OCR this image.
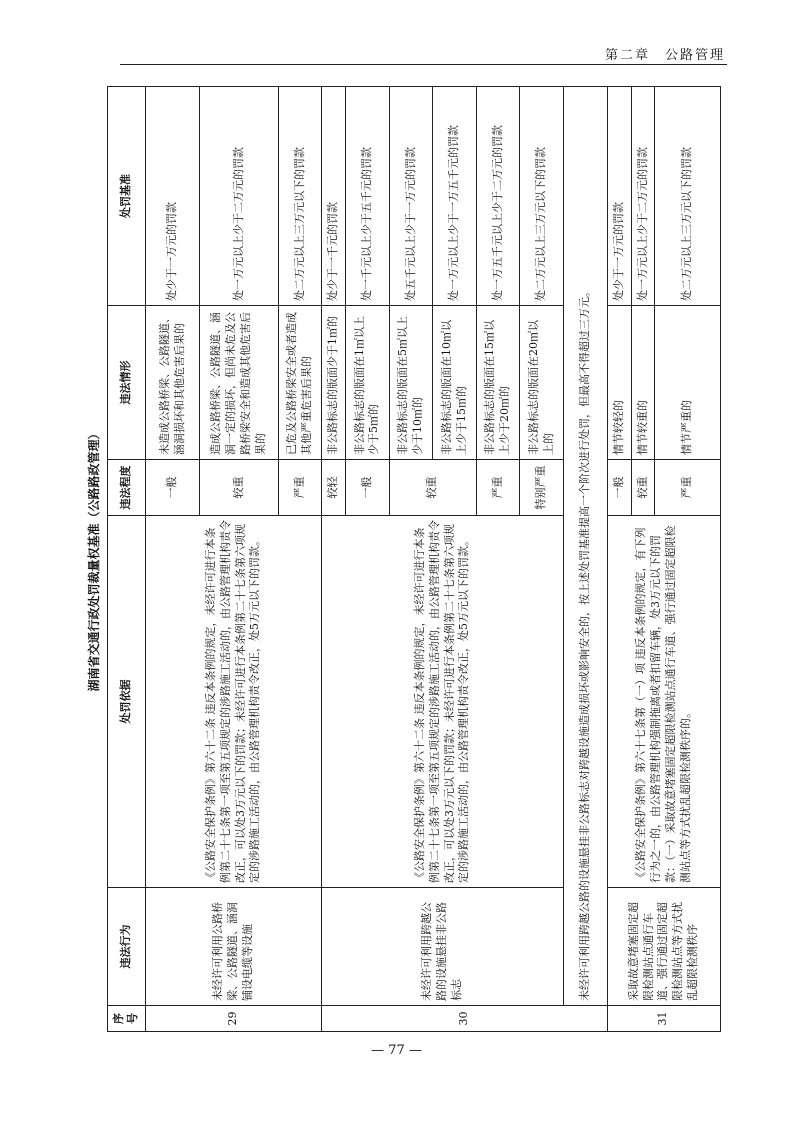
第二章　公路管理
湖南省交通行政处罚裁量权基准（公路路政管理）
序号	违法行为	处罚依据	违法程度	违法情形	处罚基准
29	未经许可利用公路桥梁、公路隧道、涵洞铺设电缆等设施	《公路安全保护条例》第六十二条 违反本条例的规定，未经许可进行本条例第二十七条第一项至第五项规定的涉路施工活动的，由公路管理机构责令改正，可以处3万元以下的罚款；未经许可进行本条例第二十七条第六项规定的涉路施工活动的，由公路管理机构责令改正，处5万元以下的罚款。	一般	未造成公路桥梁、公路隧道、涵洞损坏和其他危害后果的	处少于一万元的罚款
			较重	造成公路桥梁、公路隧道、涵洞一定的损坏，但尚未危及公路桥梁安全和造成其他危害后果的	处一万元以上少于二万元的罚款
			严重	已危及公路桥梁安全或者造成其他严重危害后果的	处二万元以上三万元以下的罚款
30	未经许可利用跨越公路的设施悬挂非公路标志	《公路安全保护条例》第六十二条 违反本条例的规定，未经许可进行本条例第二十七条第一项至第五项规定的涉路施工活动的，由公路管理机构责令改正，可以处3万元以下的罚款；未经许可进行本条例第二十七条第六项规定的涉路施工活动的，由公路管理机构责令改正，处5万元以下的罚款。	较轻	非公路标志的版面少于1㎡的	处少于一千元的罚款
			一般	非公路标志的版面在1㎡以上少于5㎡的	处一千元以上少于五千元的罚款
			较重	非公路标志的版面在5㎡以上少于10㎡的	处五千元以上少于一万元的罚款
				非公路标志的版面在10㎡以上少于15㎡的	处一万元以上少于一万五千元的罚款
			严重	非公路标志的版面在15㎡以上少于20㎡的	处一万五千元以上少于二万元的罚款
			特别严重	非公路标志的版面在20㎡以上的	处二万元以上三万元以下的罚款
	未经许可利用跨越公路的设施悬挂非公路标志对跨越设施造成损坏或影响安全的，按上述处罚基准提高一个阶次进行处罚，但最高不得超过三万元。				
31	采取故意堵塞固定超限检测站点通行车道、强行通过固定超限检测站点等方式扰乱超限检测秩序	《公路安全保护条例》第六十七条第（一）项 违反本条例的规定，有下列行为之一的，由公路管理机构强制拖离或者扣留车辆，处3万元以下的罚款：（一）采取故意堵塞固定超限检测站点通行车道、强行通过固定超限检测站点等方式扰乱超限检测秩序的。	一般	情节较轻的	处少于一万元的罚款
			较重	情节较重的	处一万元以上少于二万元的罚款
			严重	情节严重的	处二万元以上三万元以下的罚款
— 77 —
